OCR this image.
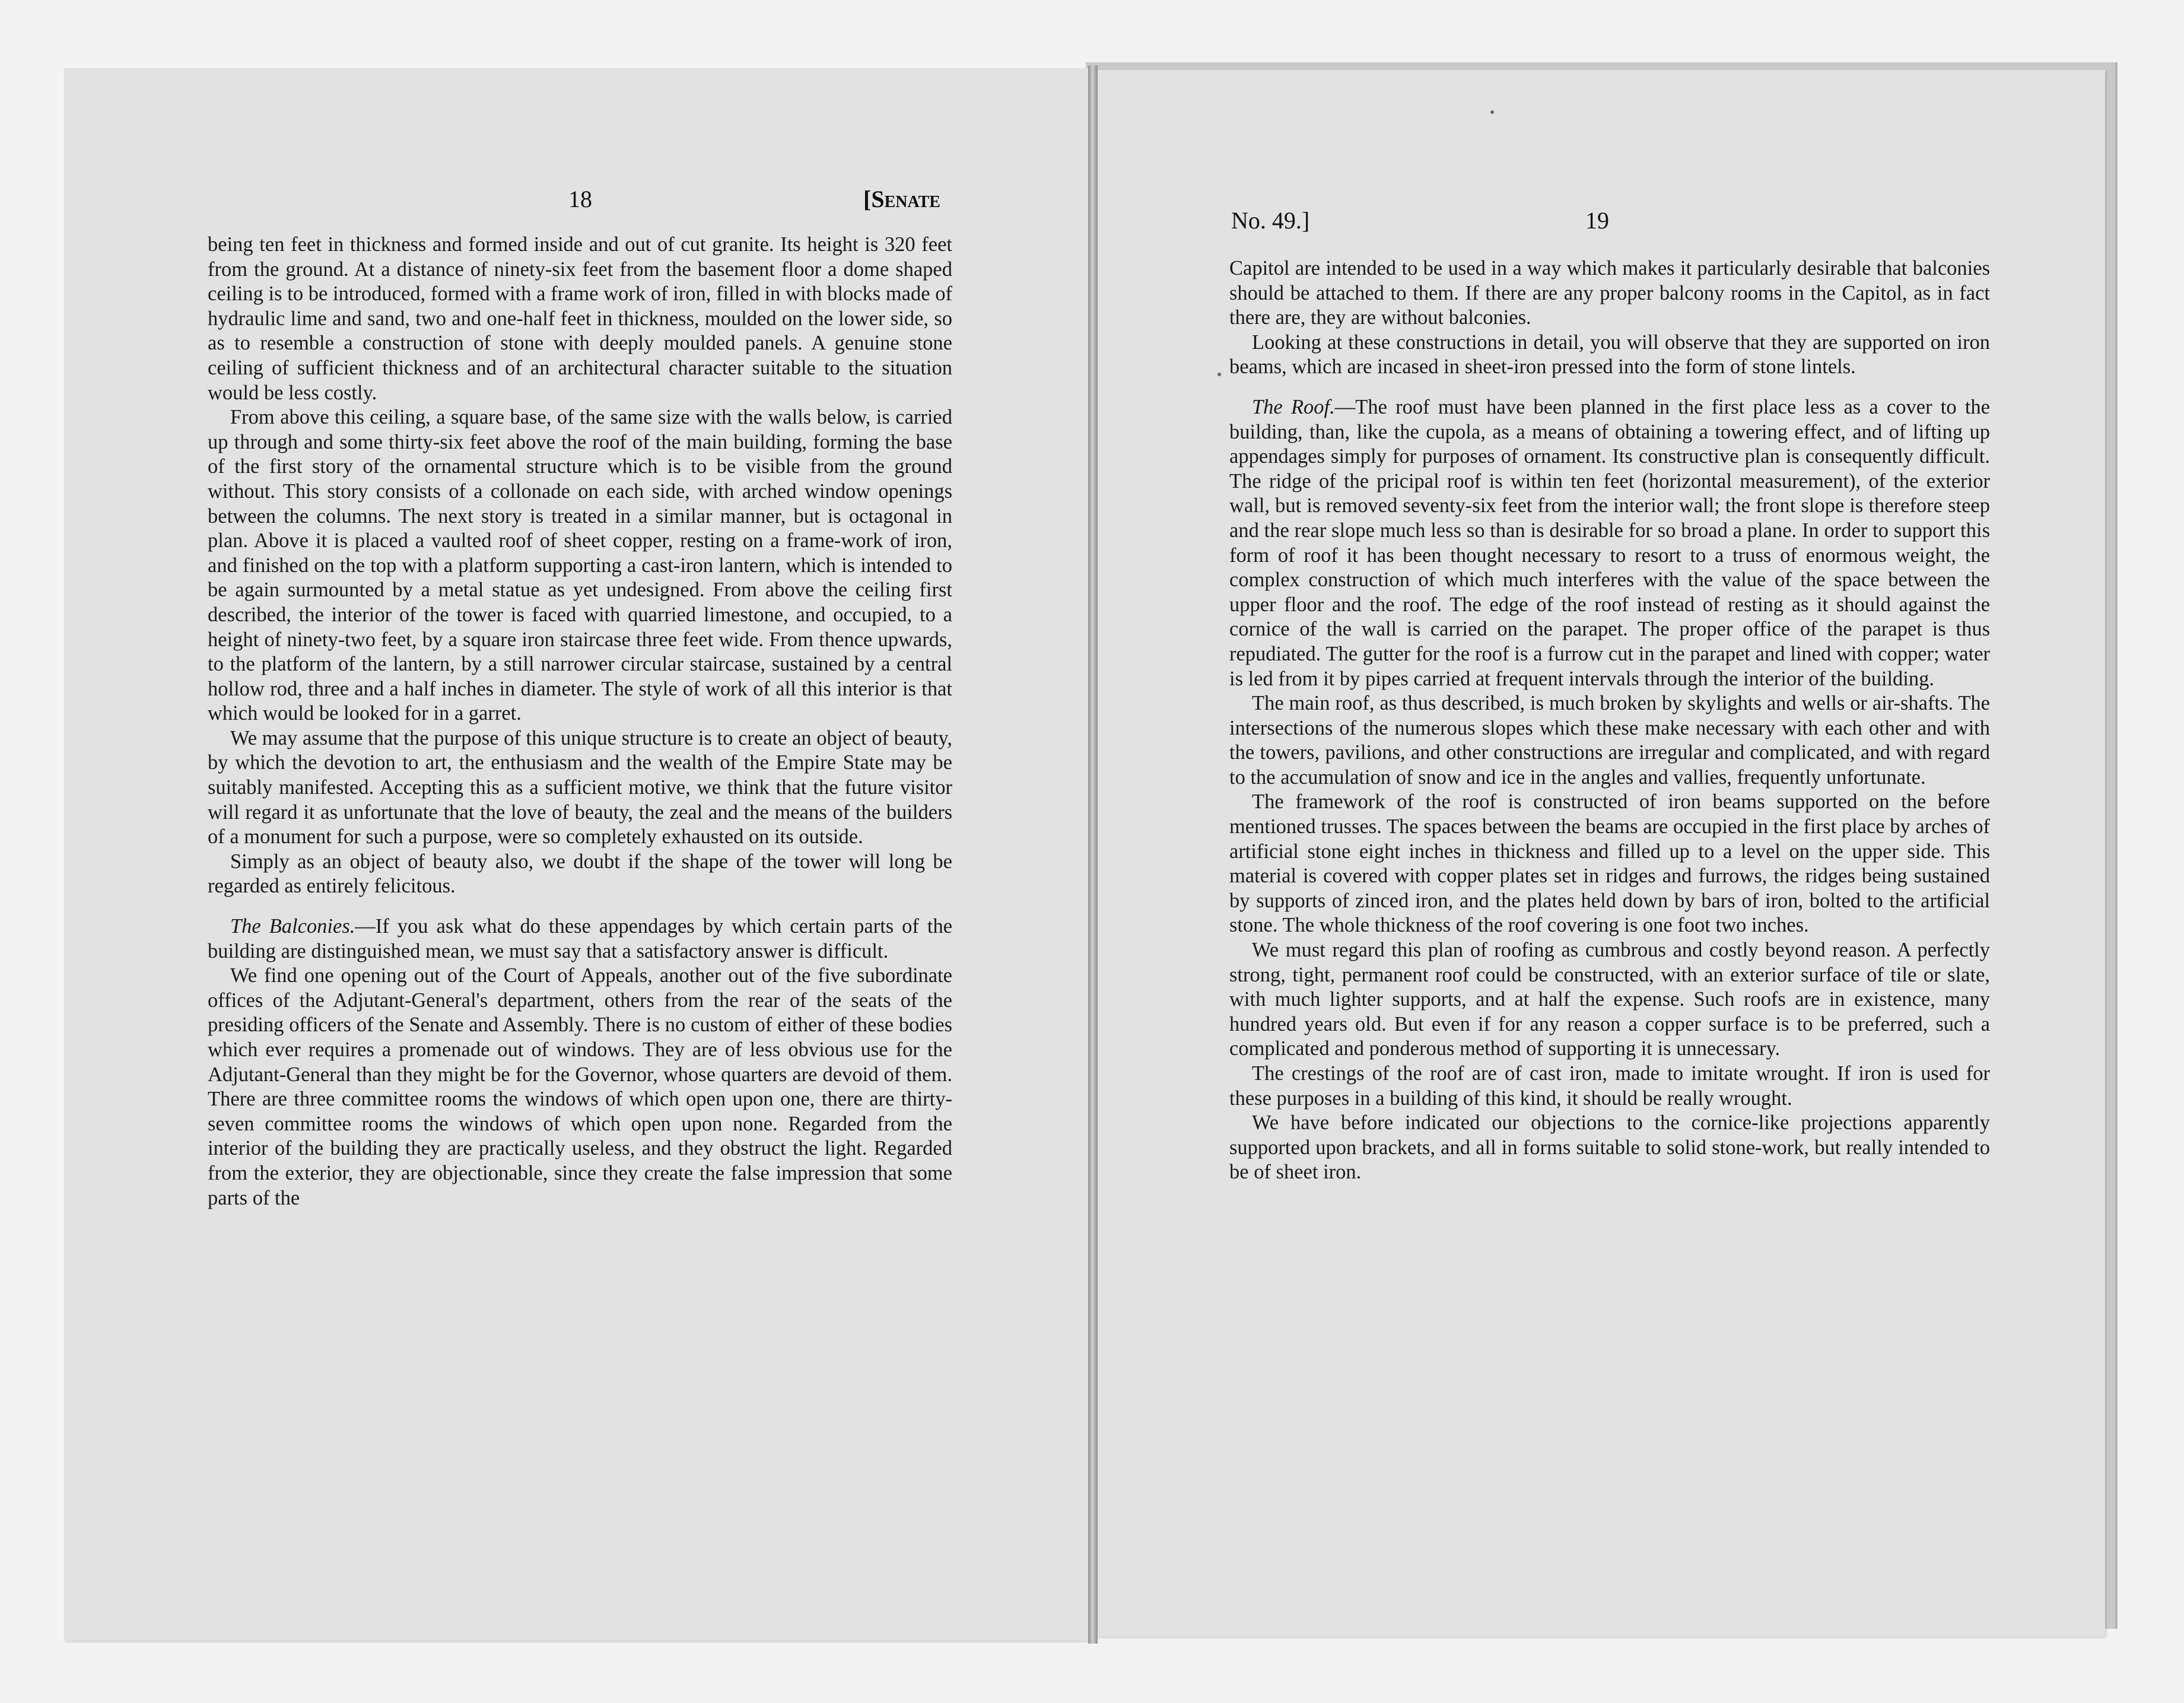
18	[Senate
No. 49.]	19

being ten feet in thickness and formed inside and out of cut granite. Its height is 320 feet from the ground. At a distance of ninety-six feet from the basement floor a dome shaped ceiling is to be introduced, formed with a frame work of iron, filled in with blocks made of hydraulic lime and sand, two and one-half feet in thickness, moulded on the lower side, so as to resemble a construction of stone with deeply moulded panels. A genuine stone ceiling of sufficient thickness and of an architectural character suitable to the situation would be less costly.

From above this ceiling, a square base, of the same size with the walls below, is carried up through and some thirty-six feet above the roof of the main building, forming the base of the first story of the ornamental structure which is to be visible from the ground without. This story consists of a collonade on each side, with arched window openings between the columns. The next story is treated in a similar manner, but is octagonal in plan. Above it is placed a vaulted roof of sheet copper, resting on a frame-work of iron, and finished on the top with a platform supporting a cast-iron lantern, which is intended to be again surmounted by a metal statue as yet undesigned. From above the ceiling first described, the interior of the tower is faced with quarried limestone, and occupied, to a height of ninety-two feet, by a square iron staircase three feet wide. From thence upwards, to the platform of the lantern, by a still narrower circular staircase, sustained by a central hollow rod, three and a half inches in diameter. The style of work of all this interior is that which would be looked for in a garret.

We may assume that the purpose of this unique structure is to create an object of beauty, by which the devotion to art, the enthusiasm and the wealth of the Empire State may be suitably manifested. Accepting this as a sufficient motive, we think that the future visitor will regard it as unfortunate that the love of beauty, the zeal and the means of the builders of a monument for such a purpose, were so completely exhausted on its outside.

Simply as an object of beauty also, we doubt if the shape of the tower will long be regarded as entirely felicitous.

The Balconies.—If you ask what do these appendages by which certain parts of the building are distinguished mean, we must say that a satisfactory answer is difficult.

We find one opening out of the Court of Appeals, another out of the five subordinate offices of the Adjutant-General's department, others from the rear of the seats of the presiding officers of the Senate and Assembly. There is no custom of either of these bodies which ever requires a promenade out of windows. They are of less obvious use for the Adjutant-General than they might be for the Governor, whose quarters are devoid of them. There are three committee rooms the windows of which open upon one, there are thirty-seven committee rooms the windows of which open upon none. Regarded from the interior of the building they are practically useless, and they obstruct the light. Regarded from the exterior, they are objectionable, since they create the false impression that some parts of the

Capitol are intended to be used in a way which makes it particularly desirable that balconies should be attached to them. If there are any proper balcony rooms in the Capitol, as in fact there are, they are without balconies.

Looking at these constructions in detail, you will observe that they are supported on iron beams, which are incased in sheet-iron pressed into the form of stone lintels.

The Roof.—The roof must have been planned in the first place less as a cover to the building, than, like the cupola, as a means of obtaining a towering effect, and of lifting up appendages simply for purposes of ornament. Its constructive plan is consequently difficult. The ridge of the pricipal roof is within ten feet (horizontal measurement), of the exterior wall, but is removed seventy-six feet from the interior wall; the front slope is therefore steep and the rear slope much less so than is desirable for so broad a plane. In order to support this form of roof it has been thought necessary to resort to a truss of enormous weight, the complex construction of which much interferes with the value of the space between the upper floor and the roof. The edge of the roof instead of resting as it should against the cornice of the wall is carried on the parapet. The proper office of the parapet is thus repudiated. The gutter for the roof is a furrow cut in the parapet and lined with copper; water is led from it by pipes carried at frequent intervals through the interior of the building.

The main roof, as thus described, is much broken by skylights and wells or air-shafts. The intersections of the numerous slopes which these make necessary with each other and with the towers, pavilions, and other constructions are irregular and complicated, and with regard to the accumulation of snow and ice in the angles and vallies, frequently unfortunate.

The framework of the roof is constructed of iron beams supported on the before mentioned trusses. The spaces between the beams are occupied in the first place by arches of artificial stone eight inches in thickness and filled up to a level on the upper side. This material is covered with copper plates set in ridges and furrows, the ridges being sustained by supports of zinced iron, and the plates held down by bars of iron, bolted to the artificial stone. The whole thickness of the roof covering is one foot two inches.

We must regard this plan of roofing as cumbrous and costly beyond reason. A perfectly strong, tight, permanent roof could be constructed, with an exterior surface of tile or slate, with much lighter supports, and at half the expense. Such roofs are in existence, many hundred years old. But even if for any reason a copper surface is to be preferred, such a complicated and ponderous method of supporting it is unnecessary.

The crestings of the roof are of cast iron, made to imitate wrought. If iron is used for these purposes in a building of this kind, it should be really wrought.

We have before indicated our objections to the cornice-like projections apparently supported upon brackets, and all in forms suitable to solid stone-work, but really intended to be of sheet iron.
